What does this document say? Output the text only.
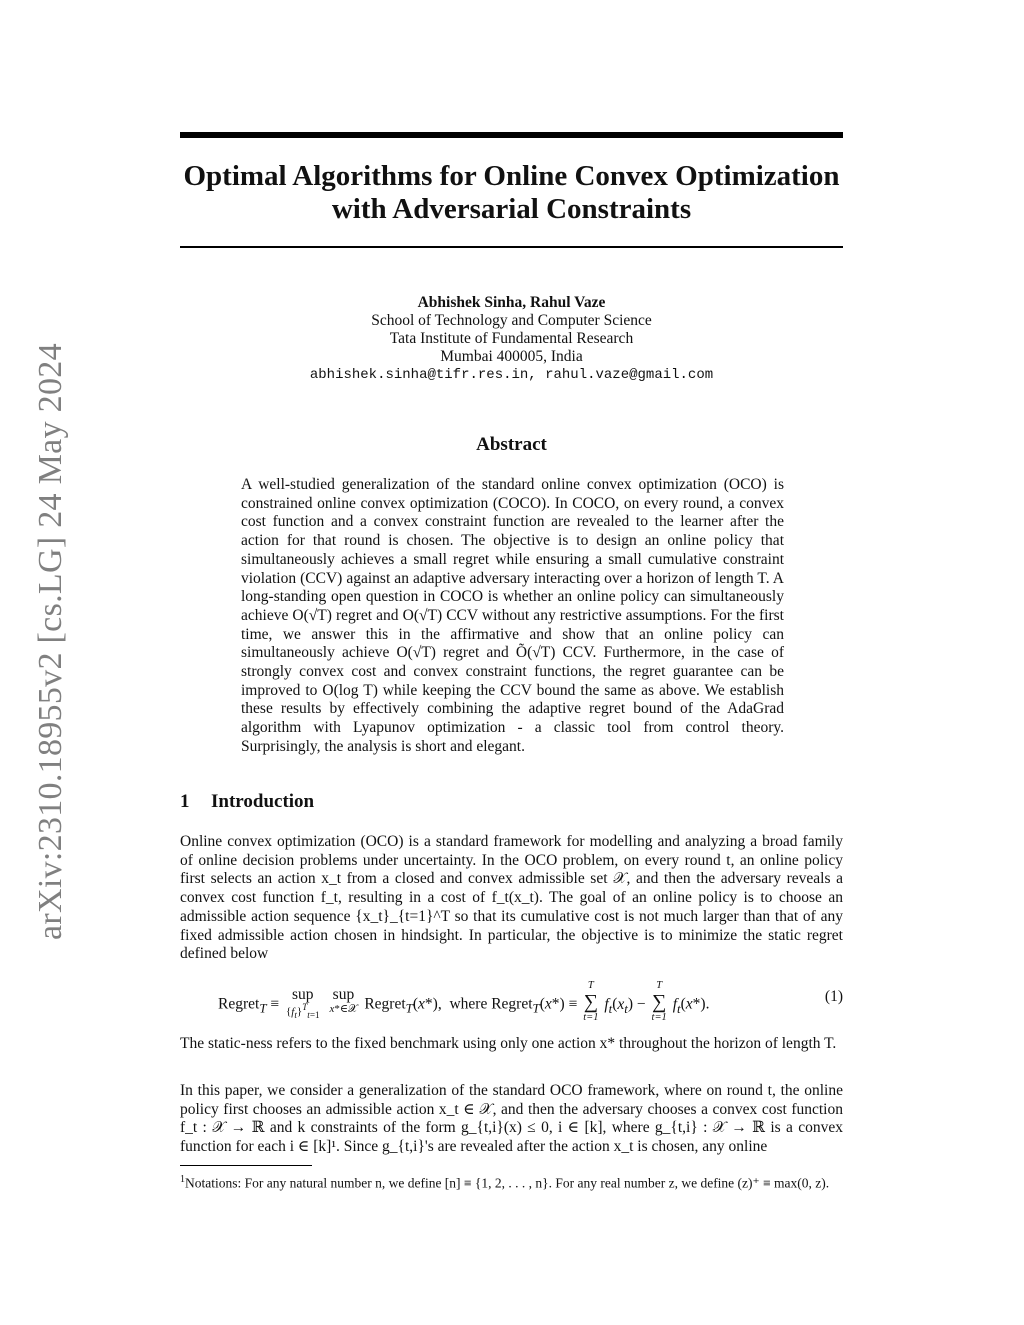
arXiv:2310.18955v2 [cs.LG] 24 May 2024
Optimal Algorithms for Online Convex Optimization with Adversarial Constraints
Abhishek Sinha, Rahul Vaze
School of Technology and Computer Science
Tata Institute of Fundamental Research
Mumbai 400005, India
abhishek.sinha@tifr.res.in, rahul.vaze@gmail.com
Abstract
A well-studied generalization of the standard online convex optimization (OCO) is constrained online convex optimization (COCO). In COCO, on every round, a convex cost function and a convex constraint function are revealed to the learner after the action for that round is chosen. The objective is to design an online policy that simultaneously achieves a small regret while ensuring a small cumulative constraint violation (CCV) against an adaptive adversary interacting over a horizon of length T. A long-standing open question in COCO is whether an online policy can simultaneously achieve O(√T) regret and O(√T) CCV without any restrictive assumptions. For the first time, we answer this in the affirmative and show that an online policy can simultaneously achieve O(√T) regret and Õ(√T) CCV. Furthermore, in the case of strongly convex cost and convex constraint functions, the regret guarantee can be improved to O(log T) while keeping the CCV bound the same as above. We establish these results by effectively combining the adaptive regret bound of the AdaGrad algorithm with Lyapunov optimization - a classic tool from control theory. Surprisingly, the analysis is short and elegant.
1 Introduction
Online convex optimization (OCO) is a standard framework for modelling and analyzing a broad family of online decision problems under uncertainty. In the OCO problem, on every round t, an online policy first selects an action x_t from a closed and convex admissible set 𝒳, and then the adversary reveals a convex cost function f_t, resulting in a cost of f_t(x_t). The goal of an online policy is to choose an admissible action sequence {x_t}_{t=1}^T so that its cumulative cost is not much larger than that of any fixed admissible action chosen in hindsight. In particular, the objective is to minimize the static regret defined below
Regret$_T$ ≡ sup
$\{f_t\}^T_{t=1}$
sup
x*∈𝒳 Regret$_T$(x*),  where Regret$_T$(x*) ≡
T
∑
t=1
$f_t(x_t)$ −
T
∑
t=1
$f_t(x*)$.	(1)
The static-ness refers to the fixed benchmark using only one action x* throughout the horizon of length T.
In this paper, we consider a generalization of the standard OCO framework, where on round t, the online policy first chooses an admissible action x_t ∈ 𝒳, and then the adversary chooses a convex cost function f_t : 𝒳 → ℝ and k constraints of the form g_{t,i}(x) ≤ 0, i ∈ [k], where g_{t,i} : 𝒳 → ℝ is a convex function for each i ∈ [k]¹. Since g_{t,i}'s are revealed after the action x_t is chosen, any online
$^1$Notations: For any natural number n, we define [n] ≡ {1, 2, . . . , n}. For any real number z, we define (z)⁺ ≡ max(0, z).
